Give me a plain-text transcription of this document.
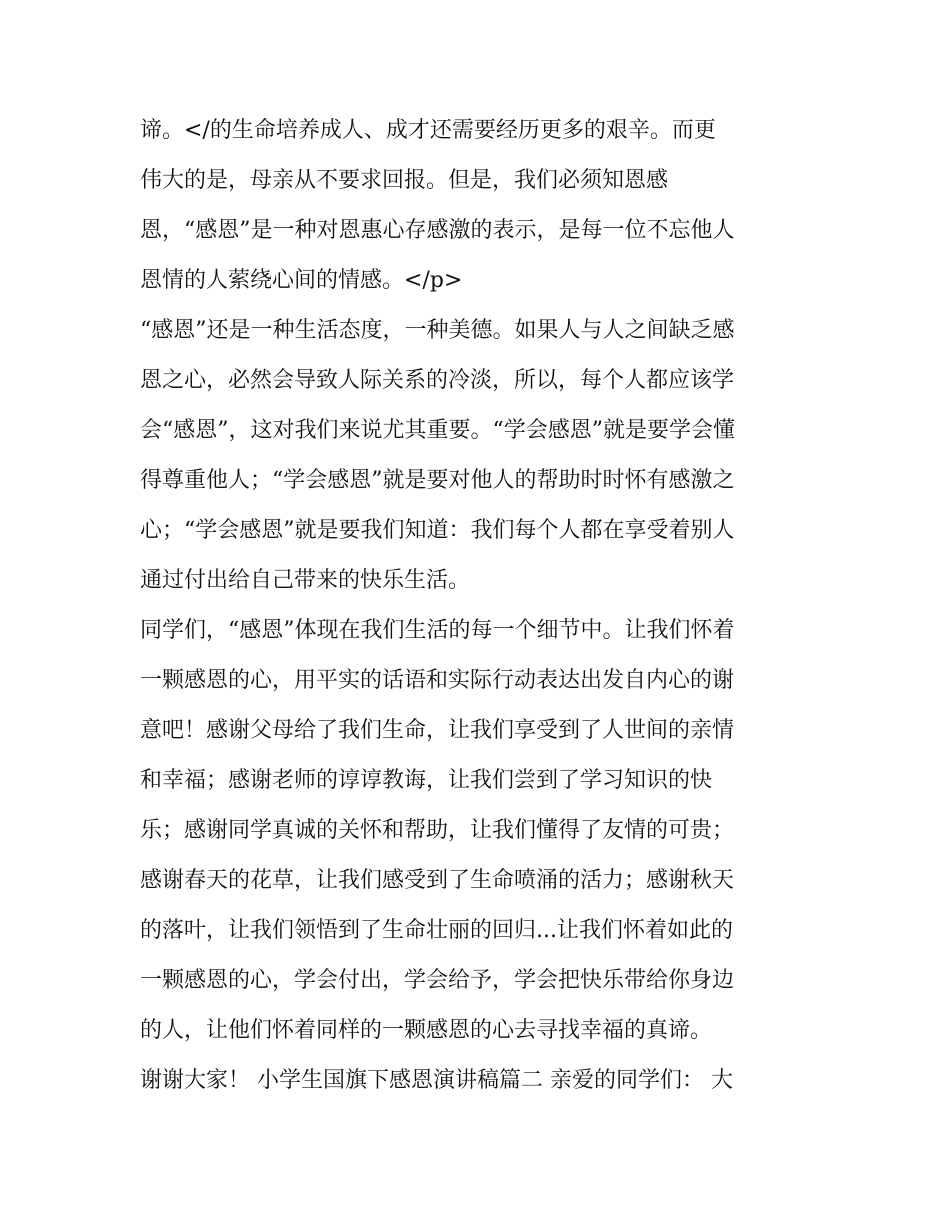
谛。</的生命培养成人、成才还需要经历更多的艰辛。而更
伟大的是，母亲从不要求回报。但是，我们必须知恩感
恩，“感恩”是一种对恩惠心存感激的表示，是每一位不忘他人
恩情的人萦绕心间的情感。</p>
“感恩”还是一种生活态度，一种美德。如果人与人之间缺乏感
恩之心，必然会导致人际关系的冷淡，所以，每个人都应该学
会“感恩”，这对我们来说尤其重要。“学会感恩”就是要学会懂
得尊重他人；“学会感恩”就是要对他人的帮助时时怀有感激之
心；“学会感恩”就是要我们知道：我们每个人都在享受着别人
通过付出给自己带来的快乐生活。
同学们，“感恩”体现在我们生活的每一个细节中。让我们怀着
一颗感恩的心，用平实的话语和实际行动表达出发自内心的谢
意吧！感谢父母给了我们生命，让我们享受到了人世间的亲情
和幸福；感谢老师的谆谆教诲，让我们尝到了学习知识的快
乐；感谢同学真诚的关怀和帮助，让我们懂得了友情的可贵；
感谢春天的花草，让我们感受到了生命喷涌的活力；感谢秋天
的落叶，让我们领悟到了生命壮丽的回归...让我们怀着如此的
一颗感恩的心，学会付出，学会给予，学会把快乐带给你身边
的人，让他们怀着同样的一颗感恩的心去寻找幸福的真谛。
谢谢大家！ 小学生国旗下感恩演讲稿篇二 亲爱的同学们： 大
